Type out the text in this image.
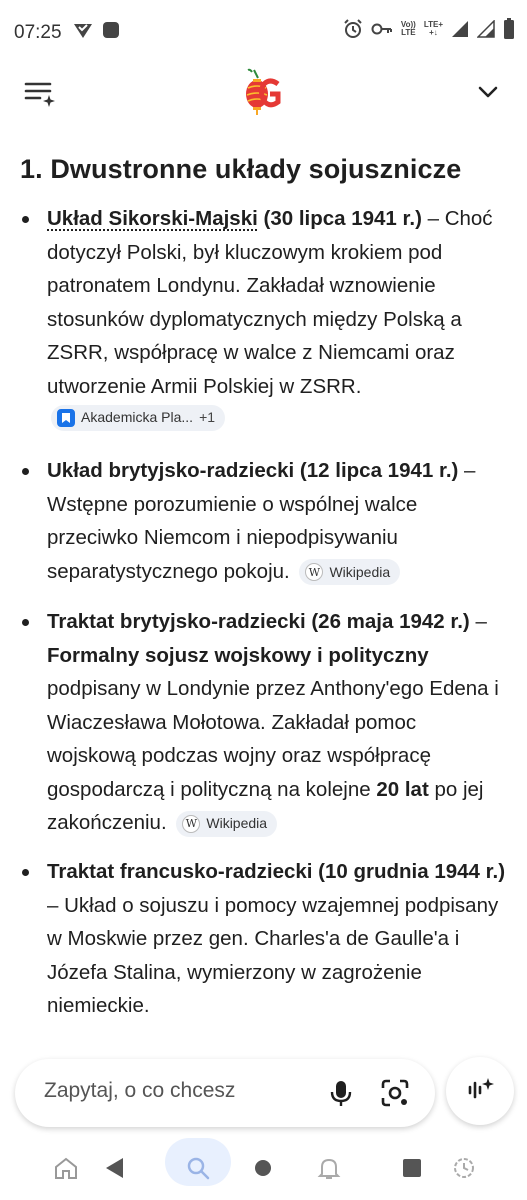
07:25	Vo))
LTE
LTE+
+↓
1. Dwustronne układy sojusznicze
Układ Sikorski-Majski (30 lipca 1941 r.) – Choć dotyczył Polski, był kluczowym krokiem pod patronatem Londynu. Zakładał wznowienie stosunków dyplomatycznych między Polską a ZSRR, współpracę w walce z Niemcami oraz utworzenie Armii Polskiej w ZSRR.
Akademicka Pla... +1
Układ brytyjsko-radziecki (12 lipca 1941 r.) – Wstępne porozumienie o wspólnej walce przeciwko Niemcom i niepodpisywaniu separatystycznego pokoju.	W Wikipedia
Traktat brytyjsko-radziecki (26 maja 1942 r.) – Formalny sojusz wojskowy i polityczny podpisany w Londynie przez Anthony'ego Edena i Wiaczesława Mołotowa. Zakładał pomoc wojskową podczas wojny oraz współpracę gospodarczą i polityczną na kolejne 20 lat po jej zakończeniu.	W Wikipedia
Traktat francusko-radziecki (10 grudnia 1944 r.) – Układ o sojuszu i pomocy wzajemnej podpisany w Moskwie przez gen. Charles'a de Gaulle'a i Józefa Stalina, wymierzony w zagrożenie niemieckie.
Zapytaj, o co chcesz
